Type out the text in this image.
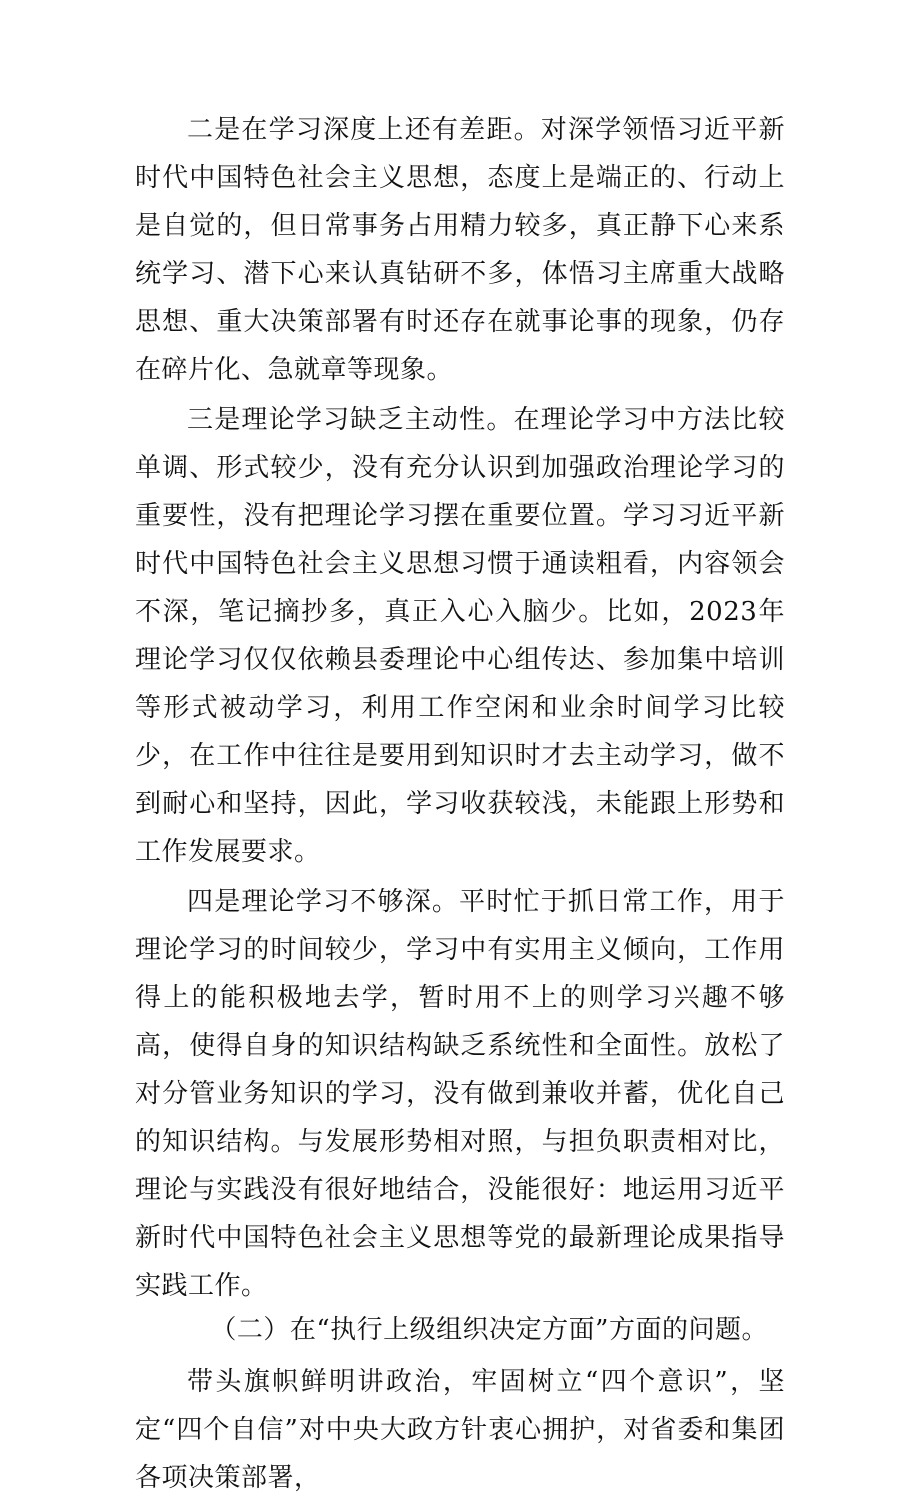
二是在学习深度上还有差距。对深学领悟习近平新时代中国特色社会主义思想，态度上是端正的、行动上是自觉的，但日常事务占用精力较多，真正静下心来系统学习、潜下心来认真钻研不多，体悟习主席重大战略思想、重大决策部署有时还存在就事论事的现象，仍存在碎片化、急就章等现象。

三是理论学习缺乏主动性。在理论学习中方法比较单调、形式较少，没有充分认识到加强政治理论学习的重要性，没有把理论学习摆在重要位置。学习习近平新时代中国特色社会主义思想习惯于通读粗看，内容领会不深，笔记摘抄多，真正入心入脑少。比如，2023年理论学习仅仅依赖县委理论中心组传达、参加集中培训等形式被动学习，利用工作空闲和业余时间学习比较少，在工作中往往是要用到知识时才去主动学习，做不到耐心和坚持，因此，学习收获较浅，未能跟上形势和工作发展要求。

四是理论学习不够深。平时忙于抓日常工作，用于理论学习的时间较少，学习中有实用主义倾向，工作用得上的能积极地去学，暂时用不上的则学习兴趣不够高，使得自身的知识结构缺乏系统性和全面性。放松了对分管业务知识的学习，没有做到兼收并蓄，优化自己的知识结构。与发展形势相对照，与担负职责相对比，理论与实践没有很好地结合，没能很好：地运用习近平新时代中国特色社会主义思想等党的最新理论成果指导实践工作。

（二）在“执行上级组织决定方面”方面的问题。

带头旗帜鲜明讲政治，牢固树立“四个意识”，坚定“四个自信”对中央大政方针衷心拥护，对省委和集团各项决策部署，
